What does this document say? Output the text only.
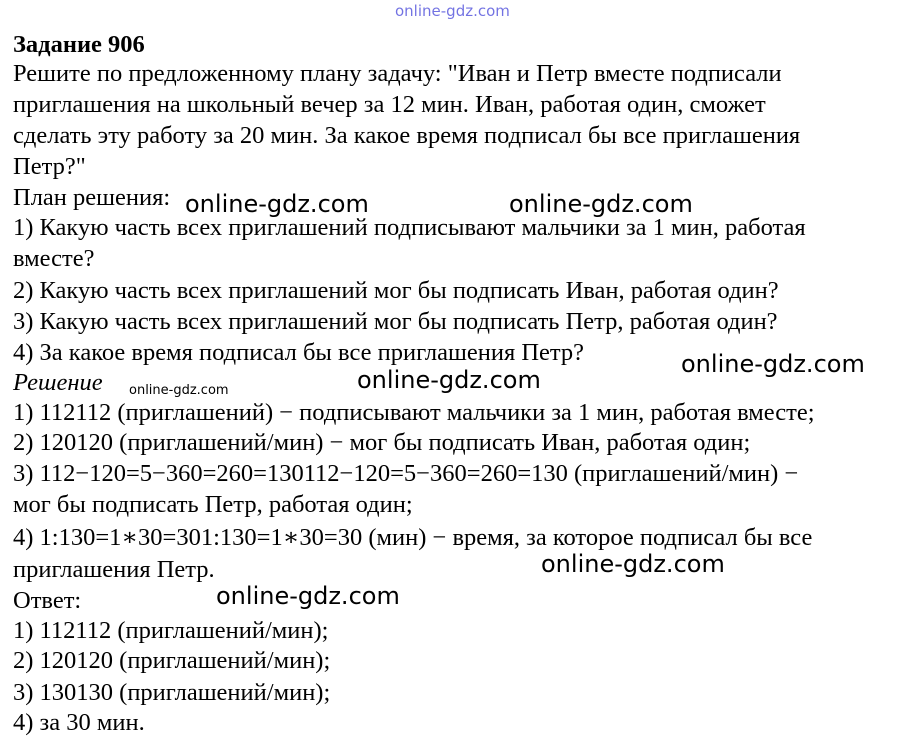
online-gdz.com
Задание 906
Решите по предложенному плану задачу: "Иван и Петр вместе подписали
приглашения на школьный вечер за 12 мин. Иван, работая один, сможет
сделать эту работу за 20 мин. За какое время подписал бы все приглашения
Петр?"
План решения:
1) Какую часть всех приглашений подписывают мальчики за 1 мин, работая
вместе?
2) Какую часть всех приглашений мог бы подписать Иван, работая один?
3) Какую часть всех приглашений мог бы подписать Петр, работая один?
4) За какое время подписал бы все приглашения Петр?
Решение
1) 112112 (приглашений) − подписывают мальчики за 1 мин, работая вместе;
2) 120120 (приглашений/мин) − мог бы подписать Иван, работая один;
3) 112−120=5−360=260=130112−120=5−360=260=130 (приглашений/мин) −
мог бы подписать Петр, работая один;
4) 1:130=1∗30=301:130=1∗30=30 (мин) − время, за которое подписал бы все
приглашения Петр.
Ответ:
1) 112112 (приглашений/мин);
2) 120120 (приглашений/мин);
3) 130130 (приглашений/мин);
4) за 30 мин.
online-gdz.com	online-gdz.com
online-gdz.com
online-gdz.com
online-gdz.com
online-gdz.com
online-gdz.com
